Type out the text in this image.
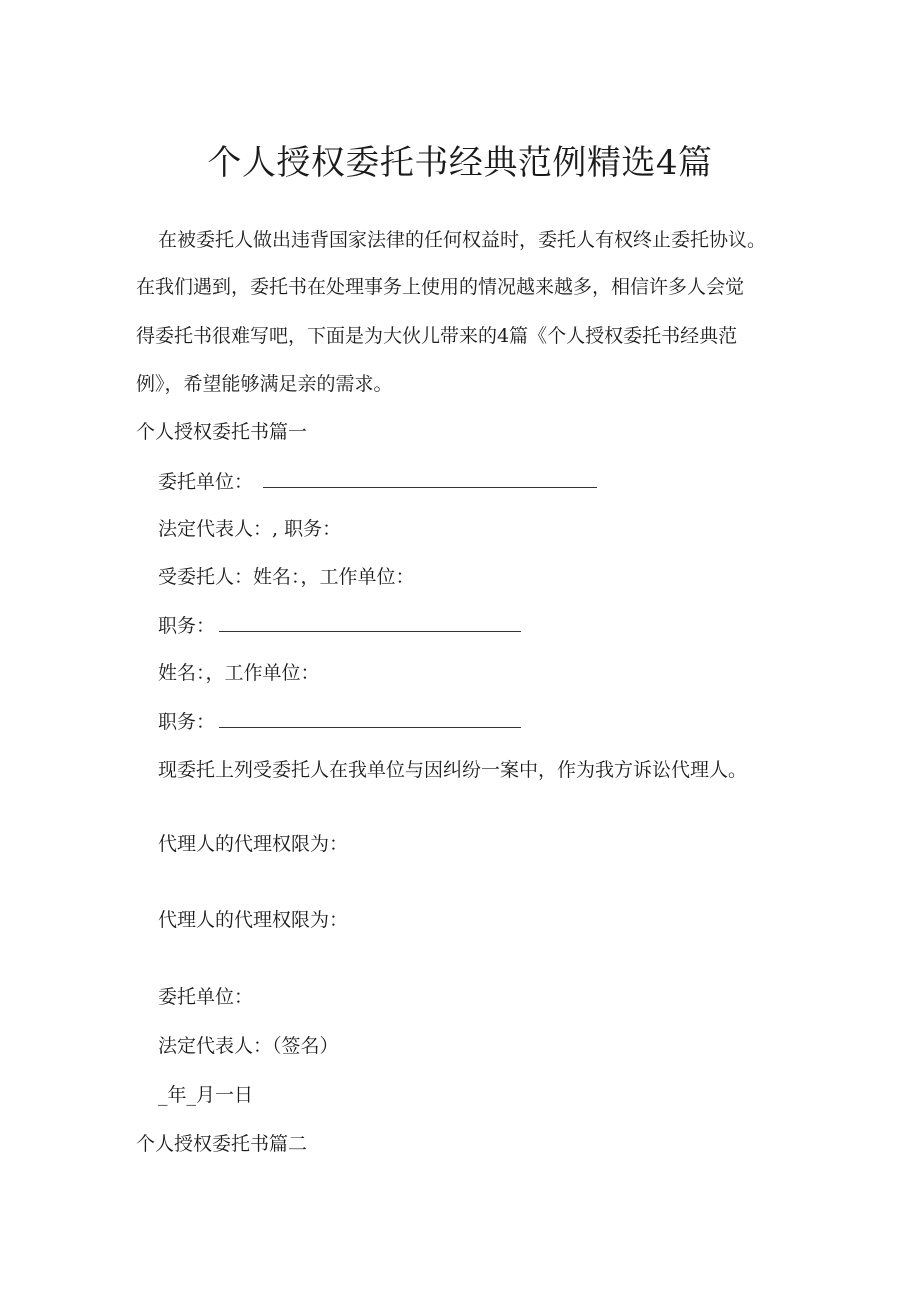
个人授权委托书经典范例精选4篇
在被委托人做出违背国家法律的任何权益时，委托人有权终止委托协议。
在我们遇到，委托书在处理事务上使用的情况越来越多，相信许多人会觉
得委托书很难写吧，下面是为大伙儿带来的4篇《个人授权委托书经典范
例》，希望能够满足亲的需求。
个人授权委托书篇一
委托单位：
法定代表人：, 职务：
受委托人：姓名：，工作单位：
职务：
姓名：，工作单位：
职务：
现委托上列受委托人在我单位与因纠纷一案中，作为我方诉讼代理人。
代理人的代理权限为：
代理人的代理权限为：
委托单位：
法定代表人：（签名）
_年_月一日
个人授权委托书篇二
